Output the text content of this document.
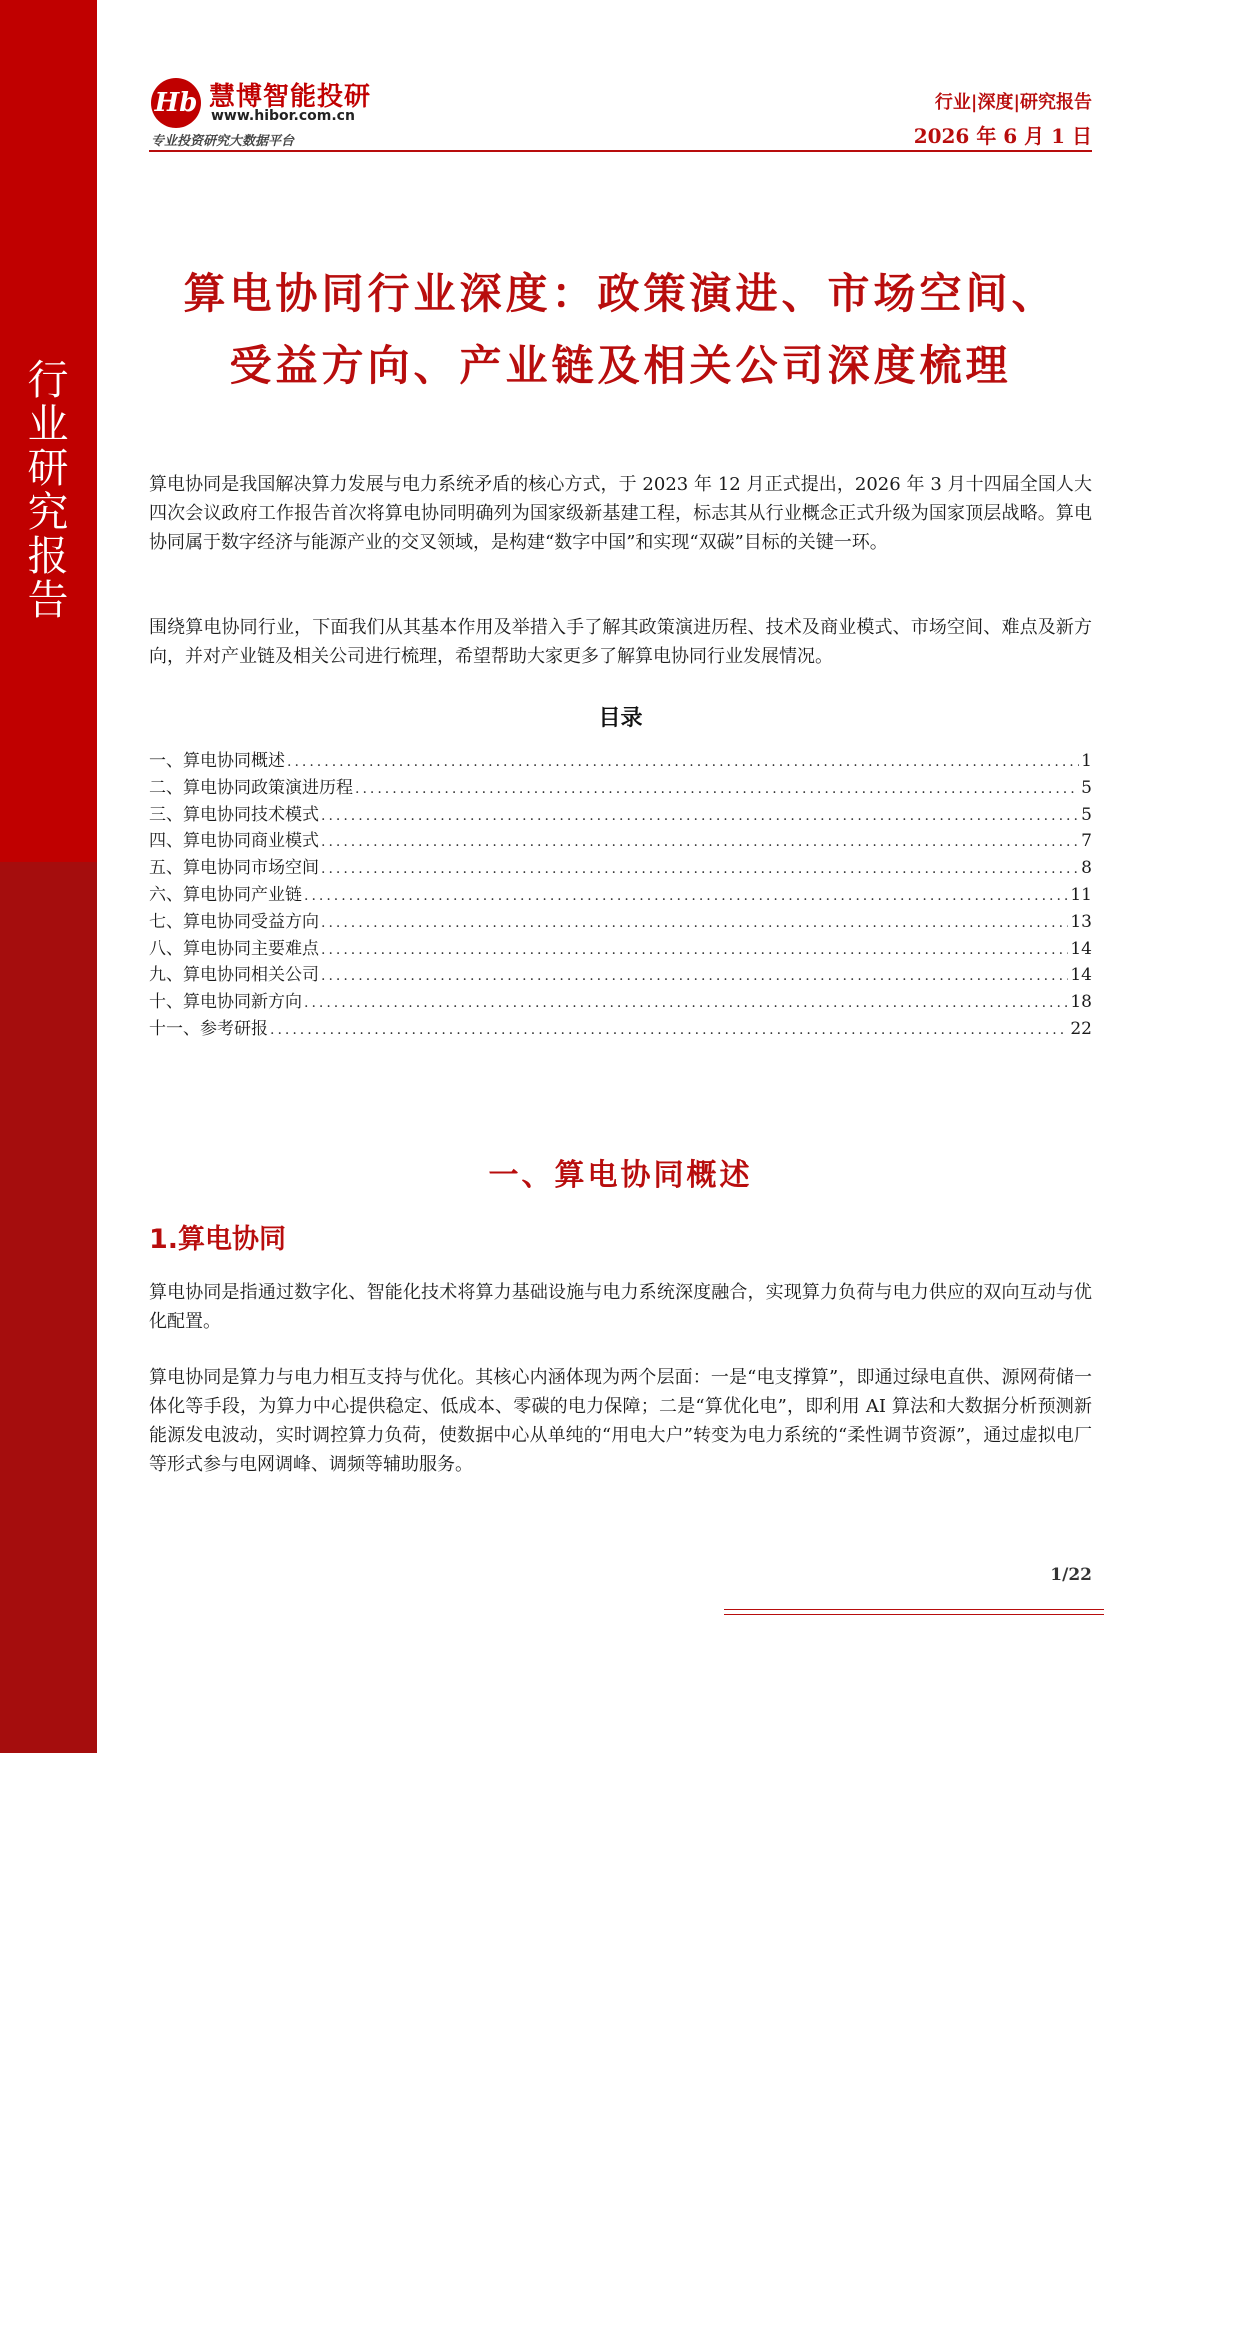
行业研究报告
慧博智能投研
Hb 慧博智能投研
www.hibor.com.cn
专业投资研究大数据平台
行业|深度|研究报告
2026 年 6 月 1 日
算电协同行业深度：政策演进、市场空间、
受益方向、产业链及相关公司深度梳理

算电协同是我国解决算力发展与电力系统矛盾的核心方式，于 2023 年 12 月正式提出，2026 年 3 月十四届全国人大四次会议政府工作报告首次将算电协同明确列为国家级新基建工程，标志其从行业概念正式升级为国家顶层战略。算电协同属于数字经济与能源产业的交叉领域，是构建“数字中国”和实现“双碳”目标的关键一环。

围绕算电协同行业，下面我们从其基本作用及举措入手了解其政策演进历程、技术及商业模式、市场空间、难点及新方向，并对产业链及相关公司进行梳理，希望帮助大家更多了解算电协同行业发展情况。

目录
一、算电协同概述 .....	1
二、算电协同政策演进历程 .....	5
三、算电协同技术模式 .....	5
四、算电协同商业模式 .....	7
五、算电协同市场空间 .....	8
六、算电协同产业链 .....	11
七、算电协同受益方向 .....	13
八、算电协同主要难点 .....	14
九、算电协同相关公司 .....	14
十、算电协同新方向 .....	18
十一、参考研报 .....	22
一、算电协同概述
1.算电协同

算电协同是指通过数字化、智能化技术将算力基础设施与电力系统深度融合，实现算力负荷与电力供应的双向互动与优化配置。

算电协同是算力与电力相互支持与优化。其核心内涵体现为两个层面：一是“电支撑算”，即通过绿电直供、源网荷储一体化等手段，为算力中心提供稳定、低成本、零碳的电力保障；二是“算优化电”，即利用 AI 算法和大数据分析预测新能源发电波动，实时调控算力负荷，使数据中心从单纯的“用电大户”转变为电力系统的“柔性调节资源”，通过虚拟电厂等形式参与电网调峰、调频等辅助服务。

1/22
